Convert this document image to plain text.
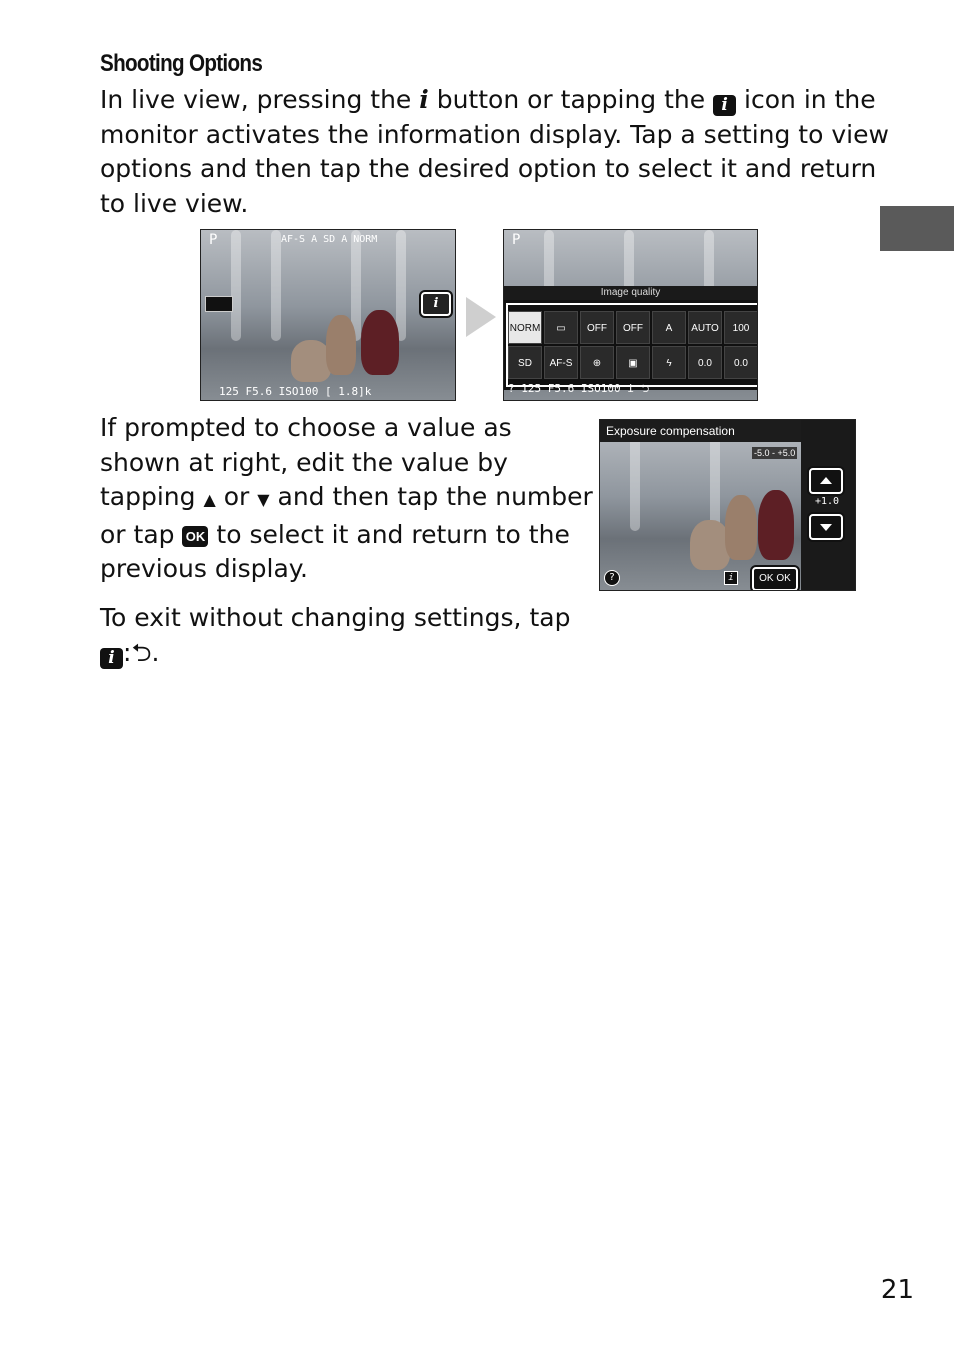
Shooting Options
In live view, pressing the i button or tapping the i icon in the monitor activates the information display. Tap a setting to view options and then tap the desired option to select it and return to live view.
P	AF-S A SD A NORM
i
125 F5.6 ISO100 [ 1.8]k
P
Image quality
NORM	▭	OFF	OFF	A	AUTO	100
SD	AF-S	⊕	▣	ϟ	0.0	0.0
? 125 F5.6 ISO100 i ⮌
If prompted to choose a value as shown at right, edit the value by tapping ▲ or ▼ and then tap the number or tap OK to select it and return to the previous display.
Exposure compensation
-5.0 - +5.0
+1.0
?	i	OK OK
To exit without changing settings, tap
i :⮌.
21
